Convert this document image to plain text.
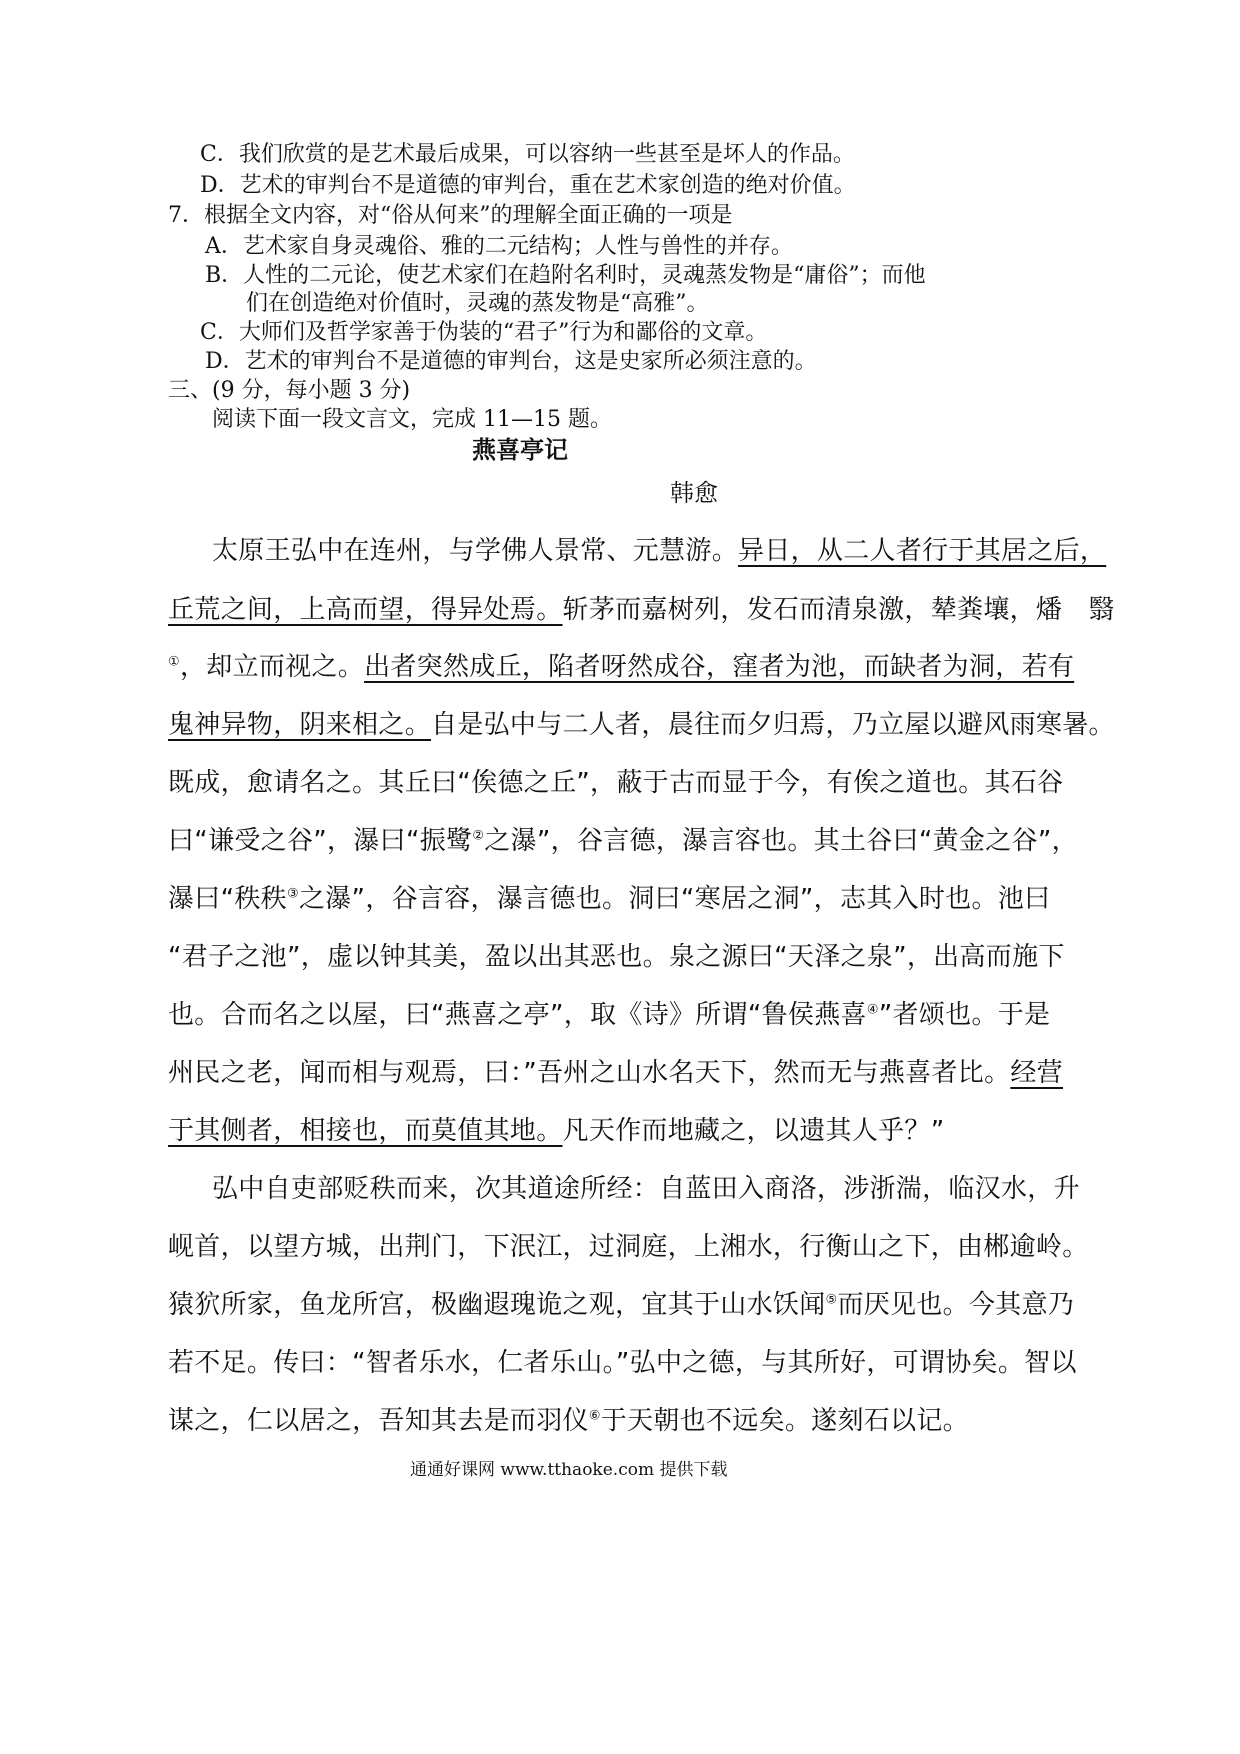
C．我们欣赏的是艺术最后成果，可以容纳一些甚至是坏人的作品。
D．艺术的审判台不是道德的审判台，重在艺术家创造的绝对价值。
7．根据全文内容，对“俗从何来”的理解全面正确的一项是
A．艺术家自身灵魂俗、雅的二元结构；人性与兽性的并存。
B．人性的二元论，使艺术家们在趋附名利时，灵魂蒸发物是“庸俗”；而他
们在创造绝对价值时，灵魂的蒸发物是“高雅”。
C．大师们及哲学家善于伪装的“君子”行为和鄙俗的文章。
D．艺术的审判台不是道德的审判台，这是史家所必须注意的。
三、(9 分，每小题 3 分)
阅读下面一段文言文，完成 11—15 题。
燕喜亭记
韩愈
太原王弘中在连州，与学佛人景常、元慧游。异日，从二人者行于其居之后，
丘荒之间，上高而望，得异处焉。斩茅而嘉树列，发石而清泉激，辇粪壤，燔　翳
①，却立而视之。出者突然成丘，陷者呀然成谷，窪者为池，而缺者为洞，若有
鬼神异物，阴来相之。自是弘中与二人者，晨往而夕归焉，乃立屋以避风雨寒暑。
既成，愈请名之。其丘曰“俟德之丘”，蔽于古而显于今，有俟之道也。其石谷
曰“谦受之谷”，瀑曰“振鹭②之瀑”，谷言德，瀑言容也。其土谷曰“黄金之谷”，
瀑曰“秩秩③之瀑”，谷言容，瀑言德也。洞曰“寒居之洞”，志其入时也。池曰
“君子之池”，虚以钟其美，盈以出其恶也。泉之源曰“天泽之泉”，出高而施下
也。合而名之以屋，曰“燕喜之亭”，取《诗》所谓“鲁侯燕喜④”者颂也。于是
州民之老，闻而相与观焉，曰：”吾州之山水名天下，然而无与燕喜者比。经营
于其侧者，相接也，而莫值其地。凡天作而地藏之，以遗其人乎？”
弘中自吏部贬秩而来，次其道途所经：自蓝田入商洛，涉浙湍，临汉水，升
岘首，以望方城，出荆门，下泯江，过洞庭，上湘水，行衡山之下，由郴逾岭。
猿狖所家，鱼龙所宫，极幽遐瑰诡之观，宜其于山水饫闻⑤而厌见也。今其意乃
若不足。传曰：“智者乐水，仁者乐山。”弘中之德，与其所好，可谓协矣。智以
谋之，仁以居之，吾知其去是而羽仪⑥于天朝也不远矣。遂刻石以记。
通通好课网 www.tthaoke.com 提供下载
